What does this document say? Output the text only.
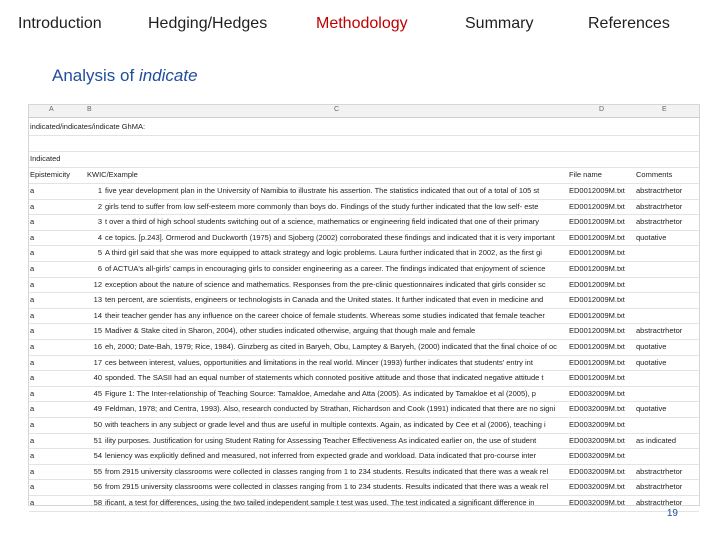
Introduction	Hedging/Hedges	Methodology	Summary	References
Analysis of indicate
A	B	C	D	E
indicated/indicates/indicate GhMA:
Indicated
Epistemicity	KWIC/Example	File name	Comments
a	1 five year development plan in the University of Namibia to illustrate his assertion. The statistics indicated that out of a total of 105 st	ED0012009M.txt	abstractrhetor
a	2 girls tend to suffer from low self-esteem more commonly than boys do. Findings of the study further indicated that the low self- este	ED0012009M.txt	abstractrhetor
a	3 t over a third of high school students switching out of a science, mathematics or engineering field indicated that one of their primary	ED0012009M.txt	abstractrhetor
a	4 ce topics. [p.243]. Ormerod and Duckworth (1975) and Sjoberg (2002) corroborated these findings and indicated that it is very important	ED0012009M.txt	quotative
a	5 A third girl said that she was more equipped to attack strategy and logic problems. Laura further indicated that in 2002, as the first gi	ED0012009M.txt
a	6 of ACTUA's all-girls' camps in encouraging girls to consider engineering as a career. The findings indicated that enjoyment of science	ED0012009M.txt
a	12 exception about the nature of science and mathematics. Responses from the pre-clinic questionnaires indicated that girls consider sc	ED0012009M.txt
a	13 ten percent, are scientists, engineers or technologists in Canada and the United states. It further indicated that even in medicine and	ED0012009M.txt
a	14 their teacher gender has any influence on the career choice of female students. Whereas some studies indicated that female teacher	ED0012009M.txt
a	15 Madiver & Stake cited in Sharon, 2004), other studies indicated otherwise, arguing that though male and female	ED0012009M.txt	abstractrhetor
a	16 eh, 2000; Date-Bah, 1979; Rice, 1984). Ginzberg as cited in Baryeh, Obu, Lamptey & Baryeh, (2000) indicated that the final choice of oc	ED0012009M.txt	quotative
a	17 ces between interest, values, opportunities and limitations in the real world. Mincer (1993) further indicates that students' entry int	ED0012009M.txt	quotative
a	40 sponded. The SASII had an equal number of statements which connoted positive attitude and those that indicated negative attitude t	ED0012009M.txt
a	45 Figure 1: The Inter-relationship of Teaching Source: Tamakloe, Amedahe and Atta (2005). As indicated by Tamakloe et al (2005), p	ED0032009M.txt
a	49 Feldman, 1978; and Centra, 1993). Also, research conducted by Strathan, Richardson and Cook (1991) indicated that there are no signi	ED0032009M.txt	quotative
a	50 with teachers in any subject or grade level and thus are useful in multiple contexts. Again, as indicated by Cee et al (2006), teaching i	ED0032009M.txt
a	51 ility purposes. Justification for using Student Rating for Assessing Teacher Effectiveness As indicated earlier on, the use of student	ED0032009M.txt	as indicated
a	54 leniency was explicitly defined and measured, not inferred from expected grade and workload. Data indicated that pro-course inter	ED0032009M.txt
a	55 from 2915 university classrooms were collected in classes ranging from 1 to 234 students. Results indicated that there was a weak rel	ED0032009M.txt	abstractrhetor
a	56 from 2915 university classrooms were collected in classes ranging from 1 to 234 students. Results indicated that there was a weak rel	ED0032009M.txt	abstractrhetor
a	58 ificant, a test for differences, using the two tailed independent sample t test was used. The test indicated a significant difference in	ED0032009M.txt	abstractrhetor
19
